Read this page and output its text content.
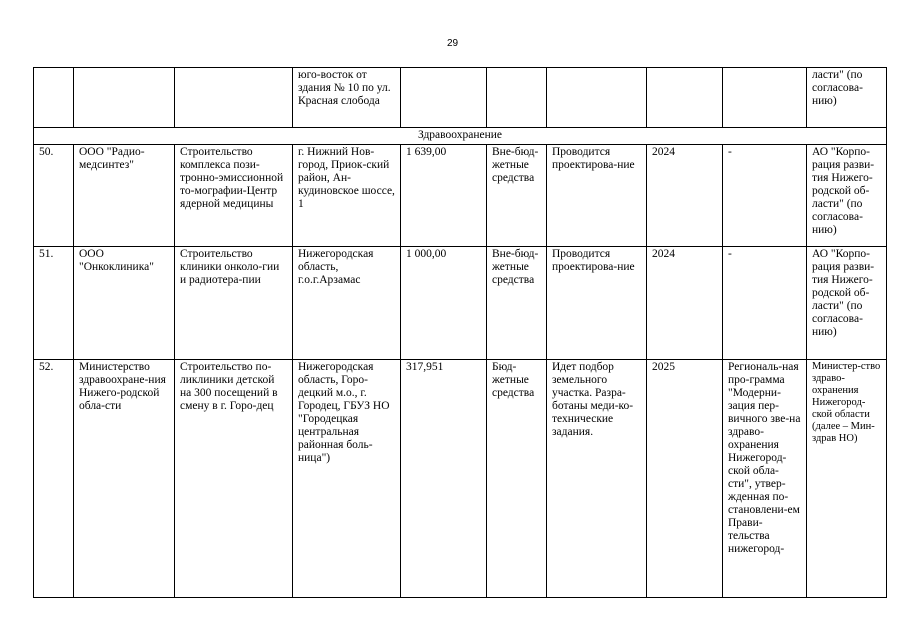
29
			юго-восток от здания № 10 по ул. Красная слобода						ласти" (по согласова-нию)
Здравоохранение									
50.	ООО "Радио-медсинтез"	Строительство комплекса пози-тронно-эмиссионной то-мографии-Центр ядерной медицины	г. Нижний Нов-город, Приок-ский район, Ан-кудиновское шоссе, 1	1 639,00	Вне-бюд-жетные средства	Проводится проектирова-ние	2024	-	АО "Корпо-рация разви-тия Нижего-родской об-ласти" (по согласова-нию)
51.	ООО "Онкоклиника"	Строительство клиники онколо-гии и радиотера-пии	Нижегородская область, г.о.г.Арзамас	1 000,00	Вне-бюд-жетные средства	Проводится проектирова-ние	2024	-	АО "Корпо-рация разви-тия Нижего-родской об-ласти" (по согласова-нию)
52.	Министерство здравоохране-ния Нижего-родской обла-сти	Строительство по-ликлиники детской на 300 посещений в смену в г. Горо-дец	Нижегородская область, Горо-децкий м.о., г. Городец, ГБУЗ НО "Городецкая центральная районная боль-ница")	317,951	Бюд-жетные средства	Идет подбор земельного участка. Разра-ботаны меди-ко-технические задания.	2025	Региональ-ная про-грамма "Модерни-зация пер-вичного зве-на здраво-охранения Нижегород-ской обла-сти", утвер-жденная по-становлени-ем Прави-тельства нижегород-	Министер-ство здраво-охранения Нижегород-ской области (далее – Мин-здрав НО)
